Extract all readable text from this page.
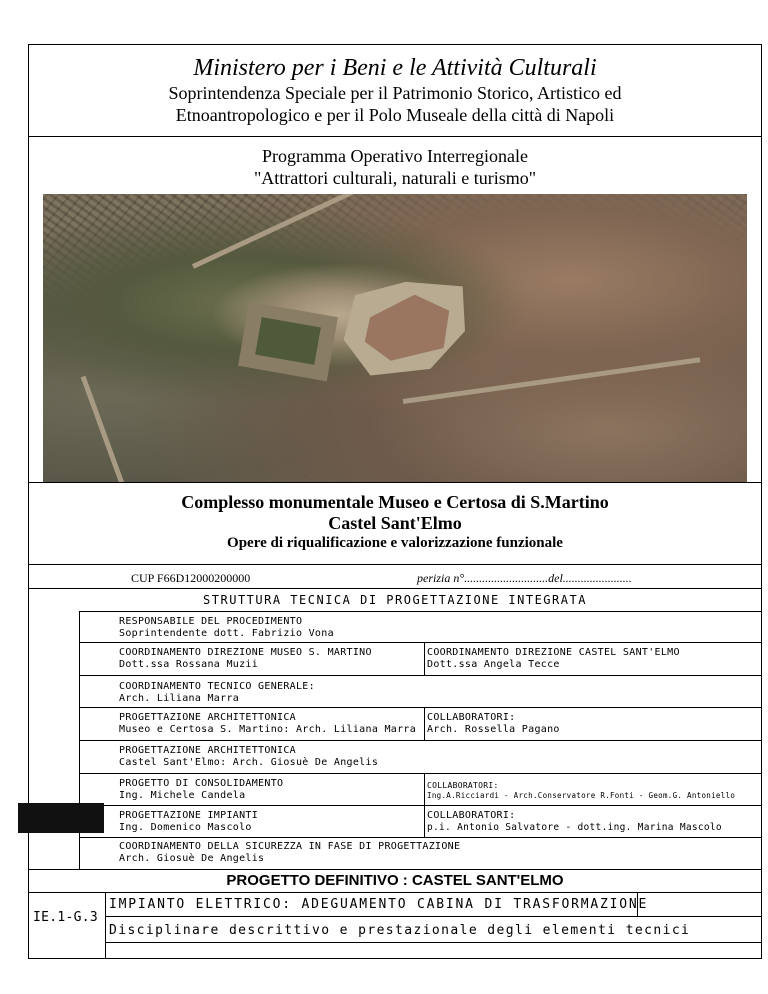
Ministero per i Beni e le Attività Culturali
Soprintendenza Speciale per il Patrimonio Storico, Artistico ed
Etnoantropologico e per il Polo Museale della città di Napoli
Programma Operativo Interregionale
"Attrattori culturali, naturali e turismo"
Complesso monumentale Museo e Certosa di S.Martino
Castel Sant'Elmo
Opere di riqualificazione e valorizzazione funzionale
CUP F66D12000200000	perizia n°............................del.......................
STRUTTURA TECNICA DI PROGETTAZIONE INTEGRATA
RESPONSABILE DEL PROCEDIMENTO
Soprintendente dott. Fabrizio Vona
COORDINAMENTO DIREZIONE MUSEO S. MARTINO
Dott.ssa Rossana Muzii
COORDINAMENTO DIREZIONE CASTEL SANT'ELMO
Dott.ssa Angela Tecce
COORDINAMENTO TECNICO GENERALE:
Arch. Liliana Marra
PROGETTAZIONE ARCHITETTONICA
Museo e Certosa S. Martino: Arch. Liliana Marra
COLLABORATORI:
Arch. Rossella Pagano
PROGETTAZIONE ARCHITETTONICA
Castel Sant'Elmo: Arch. Giosuè De Angelis
PROGETTO DI CONSOLIDAMENTO
Ing. Michele Candela
COLLABORATORI:
Ing.A.Ricciardi - Arch.Conservatore R.Fonti - Geom.G. Antoniello
PROGETTAZIONE IMPIANTI
Ing. Domenico Mascolo
COLLABORATORI:
p.i. Antonio Salvatore - dott.ing. Marina Mascolo
COORDINAMENTO DELLA SICUREZZA IN FASE DI PROGETTAZIONE
Arch. Giosuè De Angelis
PROGETTO DEFINITIVO : CASTEL SANT'ELMO
IE.1-G.3
IMPIANTO ELETTRICO: ADEGUAMENTO CABINA DI TRASFORMAZIONE
Disciplinare descrittivo e prestazionale degli elementi tecnici
